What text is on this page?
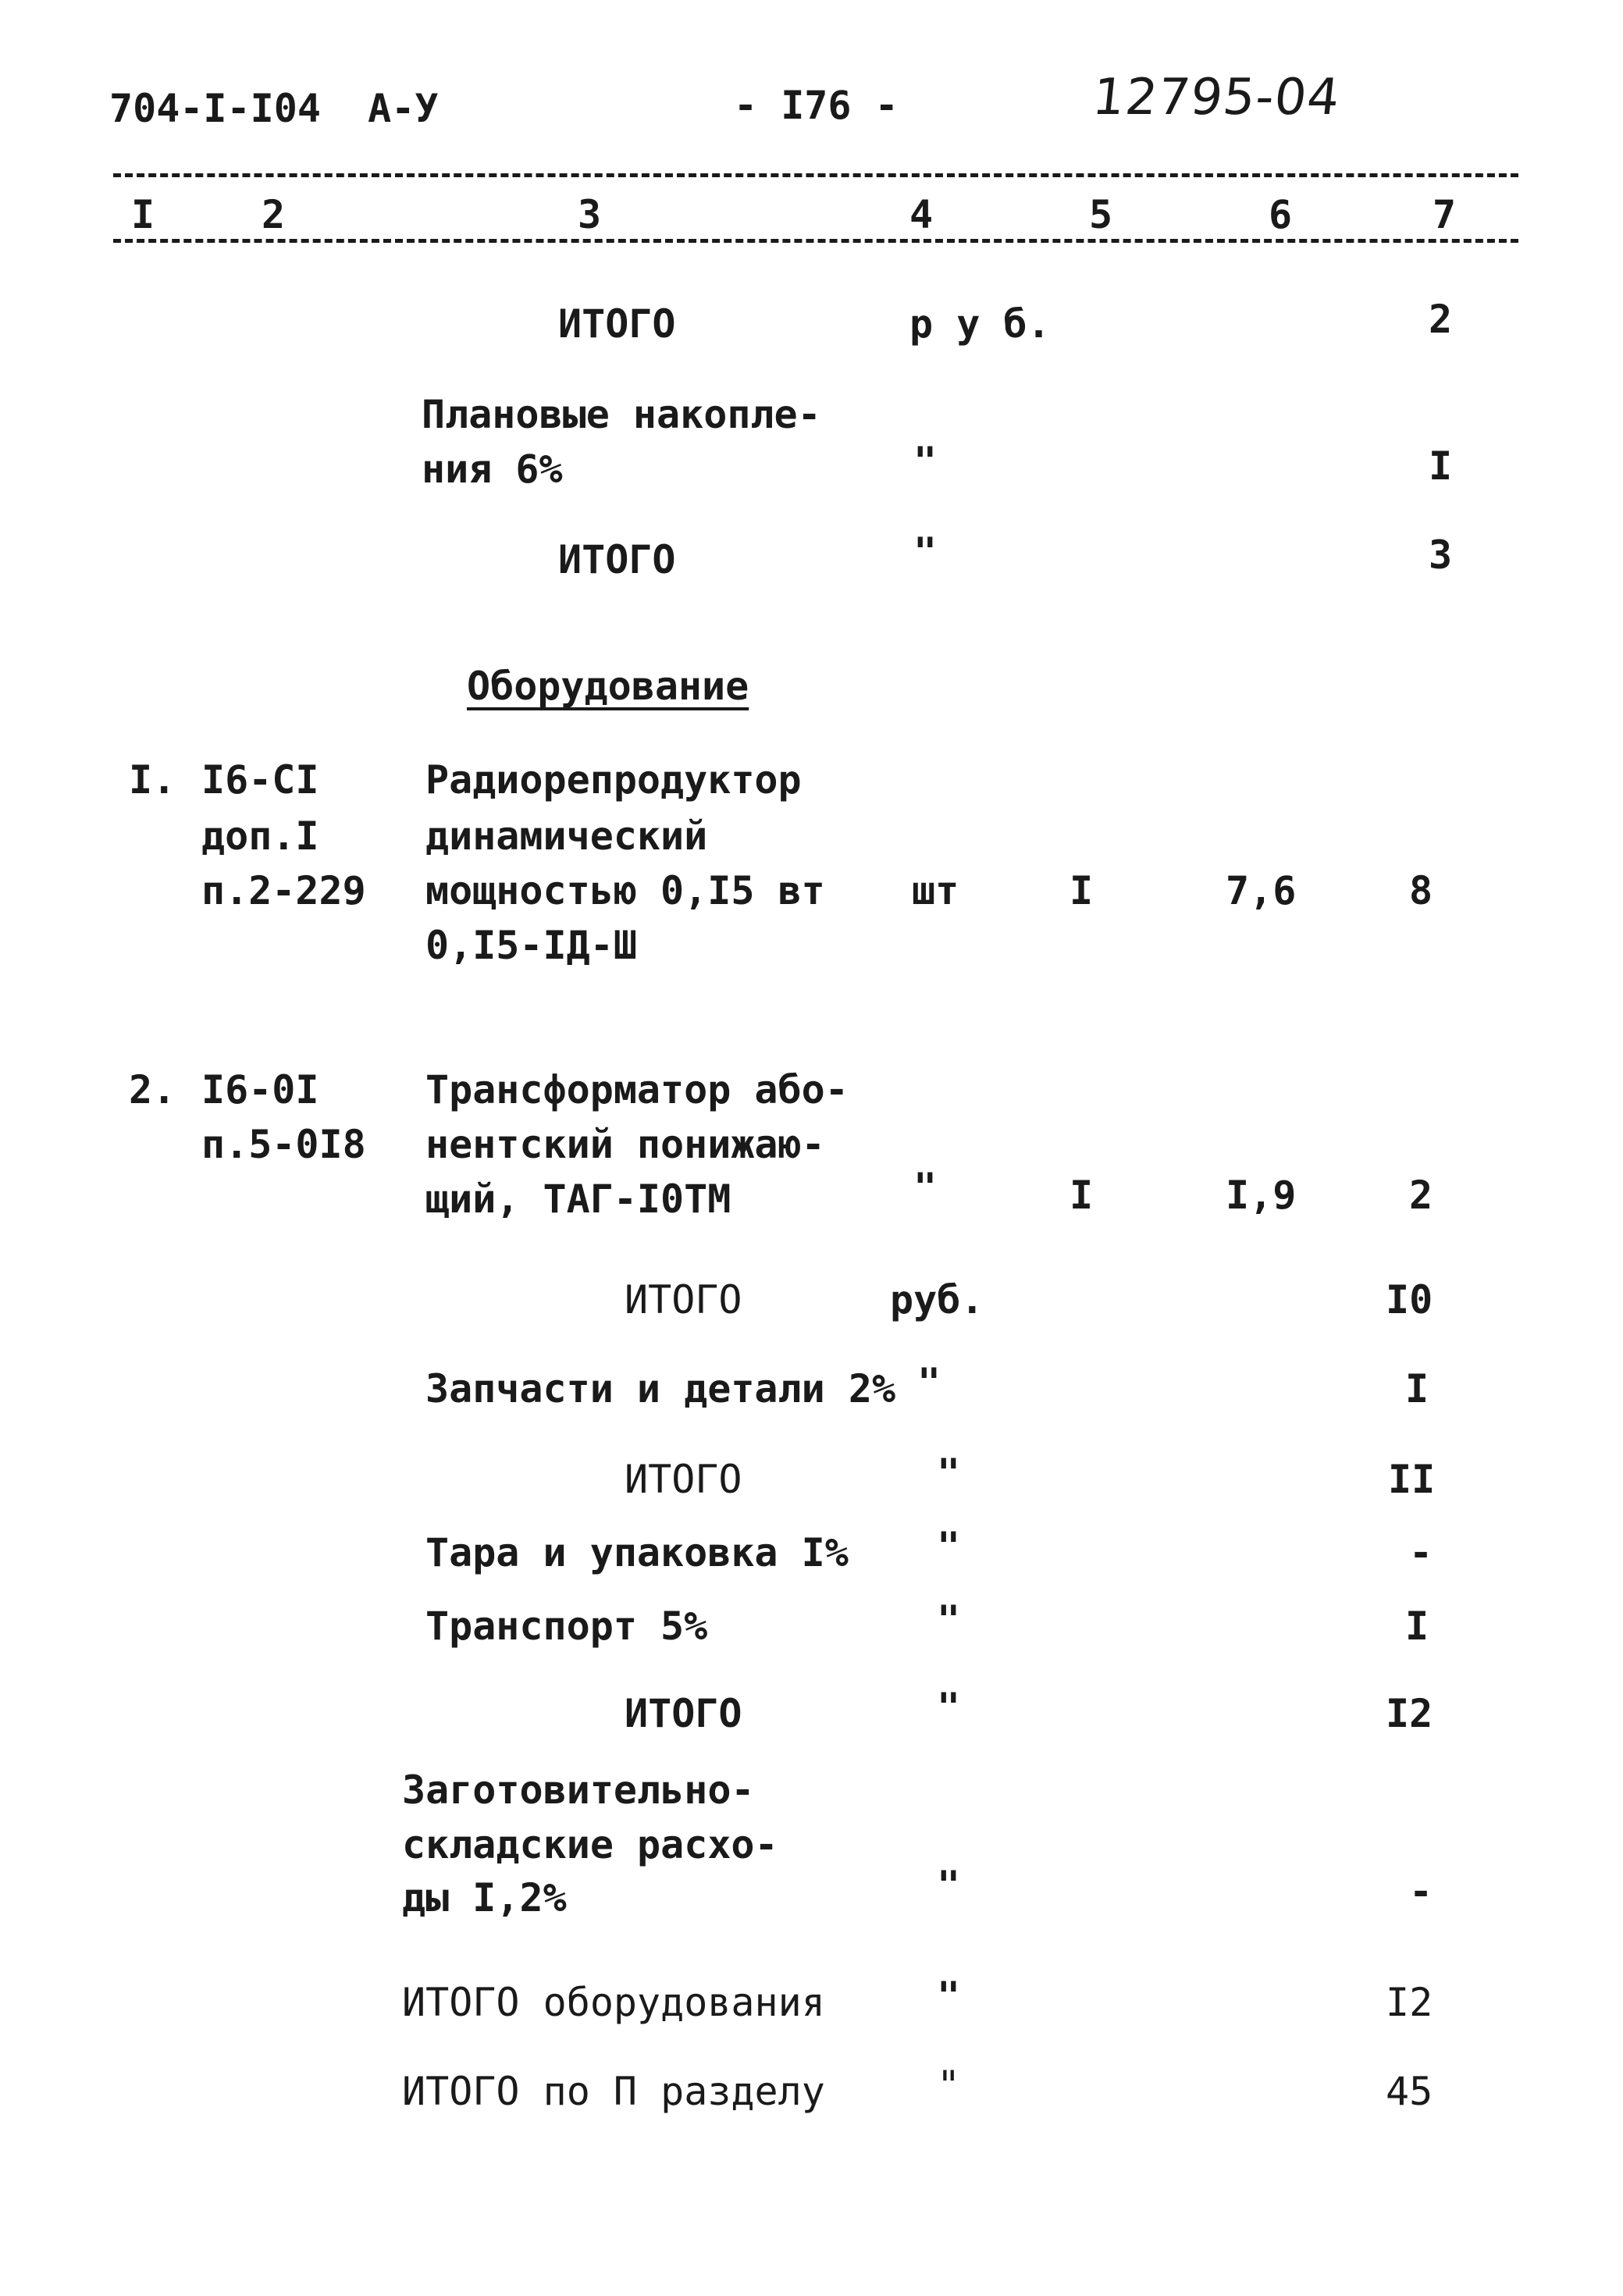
704-I-I04  А-У	- I76 -	12795-04
I	2	3	4	5	6	7
ИТОГО	р у б.	2
Плановые накопле-
ния 6%	"	I
ИТОГО	"	3
Оборудование
I. I6-CI
доп.I
п.2-229
Радиорепродуктор
динамический
мощностью 0,I5 вт
0,I5-IД-Ш
шт	I	7,6	8
2. I6-0I
п.5-0I8
Трансформатор або-
нентский понижаю-
щий, ТАГ-I0ТМ	"	I	I,9	2
ИТОГО	руб.	I0
Запчасти и детали 2% "	I
ИТОГО	"	II
Тара и упаковка I% "	-
Транспорт 5%	"	I
ИТОГО	"	I2
Заготовительно-
складские расхо-
ды I,2%	"	-
ИТОГО оборудования	"	I2
ИТОГО по П разделу	"	45
